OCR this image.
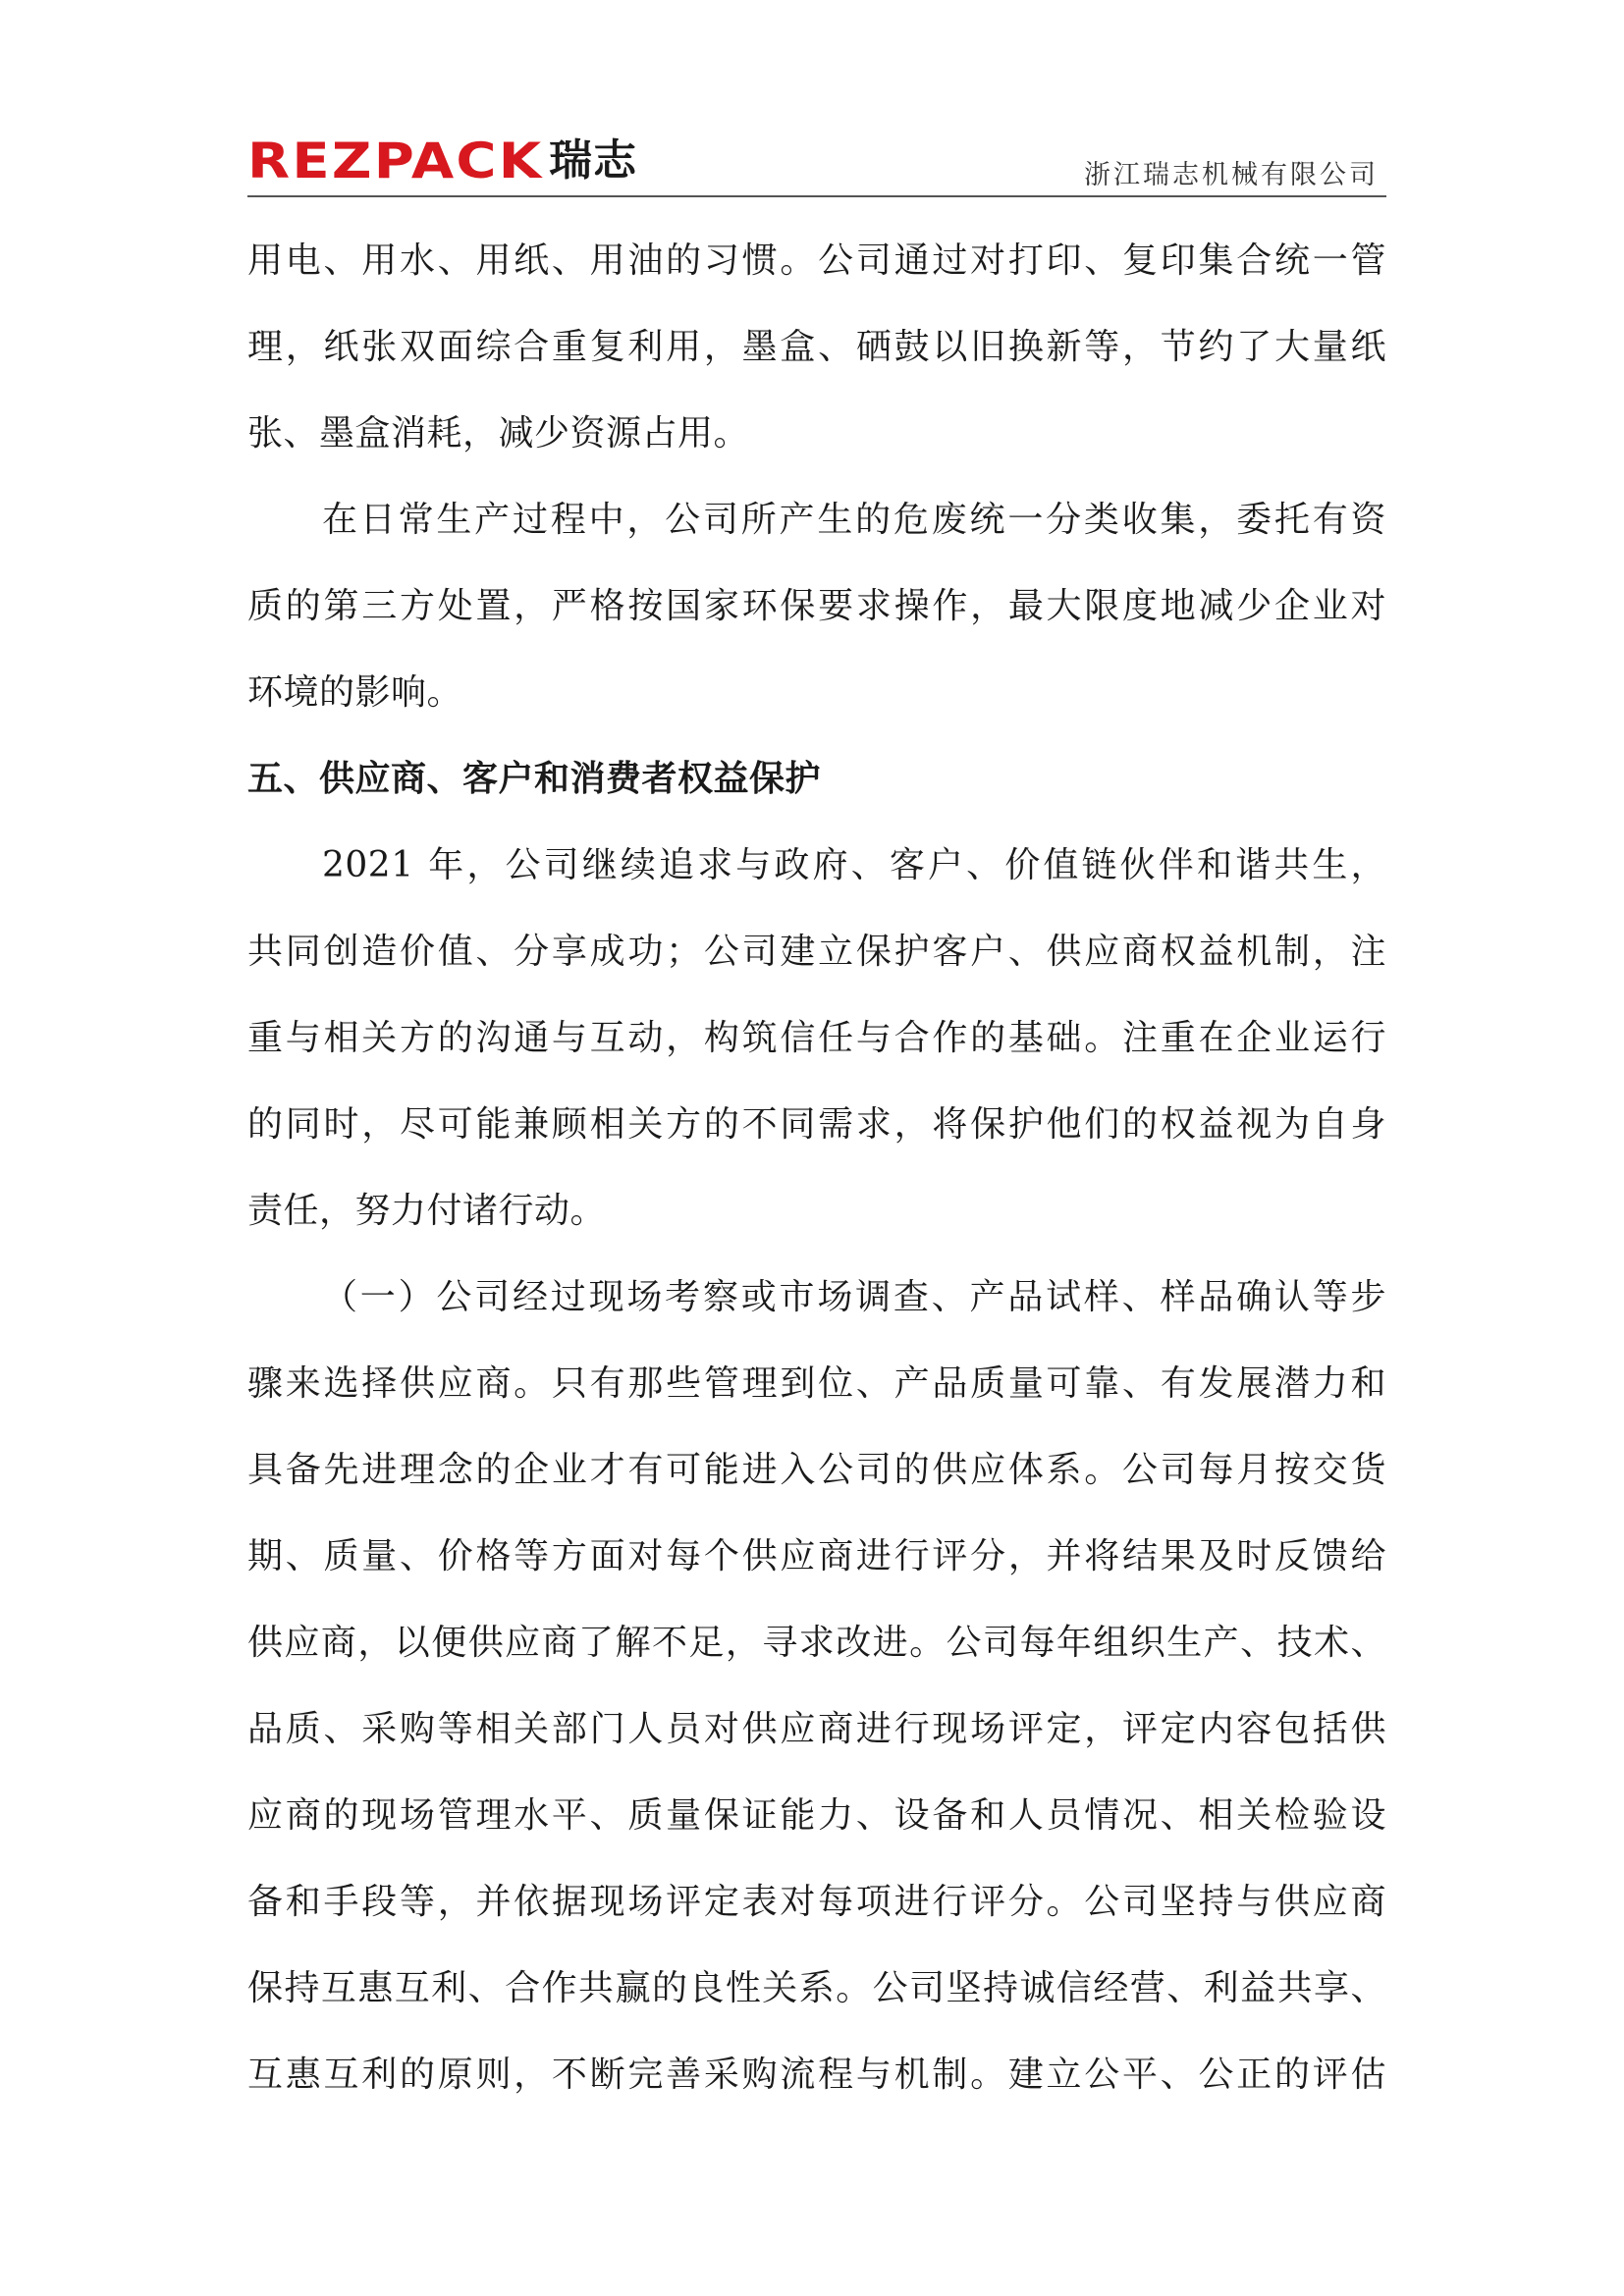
REZPACK 瑞志	浙江瑞志机械有限公司
用电、用水、用纸、用油的习惯。公司通过对打印、复印集合统一管
理，纸张双面综合重复利用，墨盒、硒鼓以旧换新等，节约了大量纸
张、墨盒消耗，减少资源占用。
在日常生产过程中，公司所产生的危废统一分类收集，委托有资
质的第三方处置，严格按国家环保要求操作，最大限度地减少企业对
环境的影响。
五、供应商、客户和消费者权益保护
2021 年，公司继续追求与政府、客户、价值链伙伴和谐共生，
共同创造价值、分享成功；公司建立保护客户、供应商权益机制，注
重与相关方的沟通与互动，构筑信任与合作的基础。注重在企业运行
的同时，尽可能兼顾相关方的不同需求，将保护他们的权益视为自身
责任，努力付诸行动。
（一）公司经过现场考察或市场调查、产品试样、样品确认等步
骤来选择供应商。只有那些管理到位、产品质量可靠、有发展潜力和
具备先进理念的企业才有可能进入公司的供应体系。公司每月按交货
期、质量、价格等方面对每个供应商进行评分，并将结果及时反馈给
供应商，以便供应商了解不足，寻求改进。公司每年组织生产、技术、
品质、采购等相关部门人员对供应商进行现场评定，评定内容包括供
应商的现场管理水平、质量保证能力、设备和人员情况、相关检验设
备和手段等，并依据现场评定表对每项进行评分。公司坚持与供应商
保持互惠互利、合作共赢的良性关系。公司坚持诚信经营、利益共享、
互惠互利的原则，不断完善采购流程与机制。建立公平、公正的评估
